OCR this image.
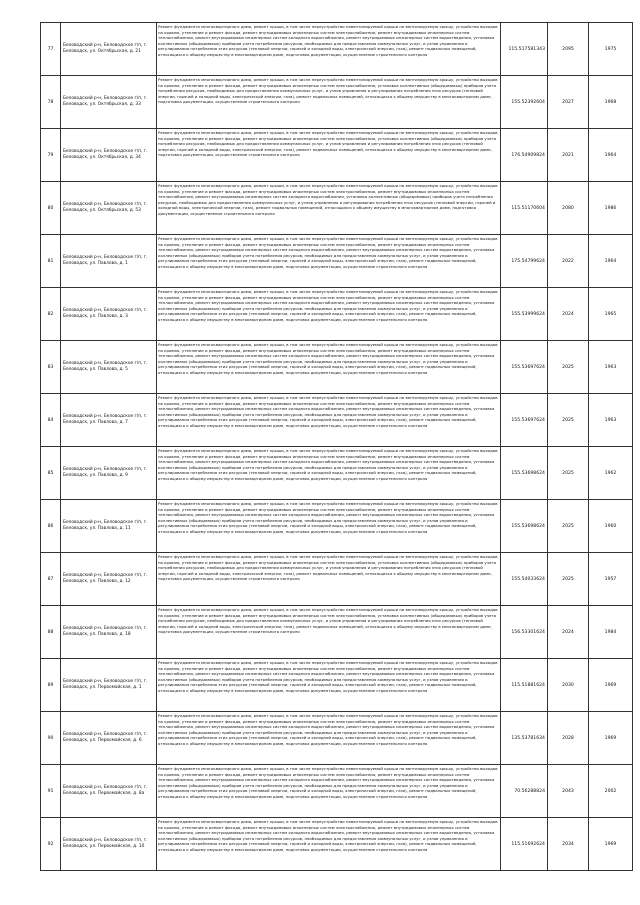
77	Беловодский р-н, Беловодское г/п, г. Беловодск, ул. Октябрьская, д. 21	Ремонт фундамента многоквартирного дома, ремонт крыши, в том числе переустройство невентилируемой крыши на вентилируемую крышу, устройство выходов на кровлю, утепление и ремонт фасада, ремонт внутридомовых инженерных систем электроснабжения, ремонт внутридомовых инженерных систем теплоснабжения, ремонт внутридомовых инженерных систем холодного водоснабжения, ремонт внутридомовых инженерных систем водоотведения, установка коллективных (общедомовых) приборов учета потребления ресурсов, необходимых для предоставления коммунальных услуг, и узлов управления и регулирования потребления этих ресурсов (тепловой энергии, горячей и холодной воды, электрической энергии, газа), ремонт подвальных помещений, относящихся к общему имуществу в многоквартирном доме, подготовка документации, осуществление строительного контроля	115.517581343	2095	1975
78	Беловодский р-н, Беловодское г/п, г. Беловодск, ул. Октябрьская, д. 33	Ремонт фундамента многоквартирного дома, ремонт крыши, в том числе переустройство невентилируемой крыши на вентилируемую крышу, устройство выходов на кровлю, утепление и ремонт фасада, ремонт внутридомовых инженерных систем электроснабжения, установка коллективных (общедомовых) приборов учета потребления ресурсов, необходимых для предоставления коммунальных услуг, и узлов управления и регулирования потребления этих ресурсов (тепловой энергии, горячей и холодной воды, электрической энергии, газа), ремонт подвальных помещений, относящихся к общему имуществу в многоквартирном доме, подготовка документации, осуществление строительного контроля	155.52392604	2027	1968
79	Беловодский р-н, Беловодское г/п, г. Беловодск, ул. Октябрьская, д. 34	Ремонт фундамента многоквартирного дома, ремонт крыши, в том числе переустройство невентилируемой крыши на вентилируемую крышу, устройство выходов на кровлю, утепление и ремонт фасада, ремонт внутридомовых инженерных систем электроснабжения, установка коллективных (общедомовых) приборов учета потребления ресурсов, необходимых для предоставления коммунальных услуг, и узлов управления и регулирования потребления этих ресурсов (тепловой энергии, горячей и холодной воды, электрической энергии, газа), ремонт подвальных помещений, относящихся к общему имуществу в многоквартирном доме, подготовка документации, осуществление строительного контроля	176.54909824	2021	1964
80	Беловодский р-н, Беловодское г/п, г. Беловодск, ул. Октябрьская, д. 53	Ремонт фундамента многоквартирного дома, ремонт крыши, в том числе переустройство невентилируемой крыши на вентилируемую крышу, устройство выходов на кровлю, утепление и ремонт фасада, ремонт внутридомовых инженерных систем электроснабжения, ремонт внутридомовых инженерных систем теплоснабжения, ремонт внутридомовых инженерных систем холодного водоснабжения, установка коллективных (общедомовых) приборов учета потребления ресурсов, необходимых для предоставления коммунальных услуг, и узлов управления и регулирования потребления этих ресурсов (тепловой энергии, горячей и холодной воды, электрической энергии, газа), ремонт подвальных помещений, относящихся к общему имуществу в многоквартирном доме, подготовка документации, осуществление строительного контроля	115.51170604	2080	1986
81	Беловодский р-н, Беловодское г/п, г. Беловодск, ул. Павлова, д. 1	Ремонт фундамента многоквартирного дома, ремонт крыши, в том числе переустройство невентилируемой крыши на вентилируемую крышу, устройство выходов на кровлю, утепление и ремонт фасада, ремонт внутридомовых инженерных систем электроснабжения, ремонт внутридомовых инженерных систем теплоснабжения, ремонт внутридомовых инженерных систем холодного водоснабжения, ремонт внутридомовых инженерных систем водоотведения, установка коллективных (общедомовых) приборов учета потребления ресурсов, необходимых для предоставления коммунальных услуг, и узлов управления и регулирования потребления этих ресурсов (тепловой энергии, горячей и холодной воды, электрической энергии, газа), ремонт подвальных помещений, относящихся к общему имуществу в многоквартирном доме, подготовка документации, осуществление строительного контроля	175.54799624	2022	1964
82	Беловодский р-н, Беловодское г/п, г. Беловодск, ул. Павлова, д. 3	Ремонт фундамента многоквартирного дома, ремонт крыши, в том числе переустройство невентилируемой крыши на вентилируемую крышу, устройство выходов на кровлю, утепление и ремонт фасада, ремонт внутридомовых инженерных систем электроснабжения, ремонт внутридомовых инженерных систем теплоснабжения, ремонт внутридомовых инженерных систем холодного водоснабжения, ремонт внутридомовых инженерных систем водоотведения, установка коллективных (общедомовых) приборов учета потребления ресурсов, необходимых для предоставления коммунальных услуг, и узлов управления и регулирования потребления этих ресурсов (тепловой энергии, горячей и холодной воды, электрической энергии, газа), ремонт подвальных помещений, относящихся к общему имуществу в многоквартирном доме, подготовка документации, осуществление строительного контроля	155.53999624	2024	1965
83	Беловодский р-н, Беловодское г/п, г. Беловодск, ул. Павлова, д. 5	Ремонт фундамента многоквартирного дома, ремонт крыши, в том числе переустройство невентилируемой крыши на вентилируемую крышу, устройство выходов на кровлю, утепление и ремонт фасада, ремонт внутридомовых инженерных систем электроснабжения, ремонт внутридомовых инженерных систем теплоснабжения, ремонт внутридомовых инженерных систем холодного водоснабжения, ремонт внутридомовых инженерных систем водоотведения, установка коллективных (общедомовых) приборов учета потребления ресурсов, необходимых для предоставления коммунальных услуг, и узлов управления и регулирования потребления этих ресурсов (тепловой энергии, горячей и холодной воды, электрической энергии, газа), ремонт подвальных помещений, относящихся к общему имуществу в многоквартирном доме, подготовка документации, осуществление строительного контроля	155.53697624	2025	1963
84	Беловодский р-н, Беловодское г/п, г. Беловодск, ул. Павлова, д. 7	Ремонт фундамента многоквартирного дома, ремонт крыши, в том числе переустройство невентилируемой крыши на вентилируемую крышу, устройство выходов на кровлю, утепление и ремонт фасада, ремонт внутридомовых инженерных систем электроснабжения, ремонт внутридомовых инженерных систем теплоснабжения, ремонт внутридомовых инженерных систем холодного водоснабжения, ремонт внутридомовых инженерных систем водоотведения, установка коллективных (общедомовых) приборов учета потребления ресурсов, необходимых для предоставления коммунальных услуг, и узлов управления и регулирования потребления этих ресурсов (тепловой энергии, горячей и холодной воды, электрической энергии, газа), ремонт подвальных помещений, относящихся к общему имуществу в многоквартирном доме, подготовка документации, осуществление строительного контроля	155.53697624	2025	1963
85	Беловодский р-н, Беловодское г/п, г. Беловодск, ул. Павлова, д. 9	Ремонт фундамента многоквартирного дома, ремонт крыши, в том числе переустройство невентилируемой крыши на вентилируемую крышу, устройство выходов на кровлю, утепление и ремонт фасада, ремонт внутридомовых инженерных систем электроснабжения, ремонт внутридомовых инженерных систем теплоснабжения, ремонт внутридомовых инженерных систем холодного водоснабжения, ремонт внутридомовых инженерных систем водоотведения, установка коллективных (общедомовых) приборов учета потребления ресурсов, необходимых для предоставления коммунальных услуг, и узлов управления и регулирования потребления этих ресурсов (тепловой энергии, горячей и холодной воды, электрической энергии, газа), ремонт подвальных помещений, относящихся к общему имуществу в многоквартирном доме, подготовка документации, осуществление строительного контроля	155.53698624	2025	1962
86	Беловодский р-н, Беловодское г/п, г. Беловодск, ул. Павлова, д. 11	Ремонт фундамента многоквартирного дома, ремонт крыши, в том числе переустройство невентилируемой крыши на вентилируемую крышу, устройство выходов на кровлю, утепление и ремонт фасада, ремонт внутридомовых инженерных систем электроснабжения, ремонт внутридомовых инженерных систем теплоснабжения, ремонт внутридомовых инженерных систем холодного водоснабжения, ремонт внутридомовых инженерных систем водоотведения, установка коллективных (общедомовых) приборов учета потребления ресурсов, необходимых для предоставления коммунальных услуг, и узлов управления и регулирования потребления этих ресурсов (тепловой энергии, горячей и холодной воды, электрической энергии, газа), ремонт подвальных помещений, относящихся к общему имуществу в многоквартирном доме, подготовка документации, осуществление строительного контроля	155.53698624	2025	1960
87	Беловодский р-н, Беловодское г/п, г. Беловодск, ул. Павлова, д. 12	Ремонт фундамента многоквартирного дома, ремонт крыши, в том числе переустройство невентилируемой крыши на вентилируемую крышу, устройство выходов на кровлю, утепление и ремонт фасада, ремонт внутридомовых инженерных систем электроснабжения, установка коллективных (общедомовых) приборов учета потребления ресурсов, необходимых для предоставления коммунальных услуг, и узлов управления и регулирования потребления этих ресурсов (тепловой энергии, горячей и холодной воды, электрической энергии, газа), ремонт подвальных помещений, относящихся к общему имуществу в многоквартирном доме, подготовка документации, осуществление строительного контроля	155.54033624	2025	1957
88	Беловодский р-н, Беловодское г/п, г. Беловодск, ул. Павлова, д. 18	Ремонт фундамента многоквартирного дома, ремонт крыши, в том числе переустройство невентилируемой крыши на вентилируемую крышу, устройство выходов на кровлю, утепление и ремонт фасада, ремонт внутридомовых инженерных систем электроснабжения, установка коллективных (общедомовых) приборов учета потребления ресурсов, необходимых для предоставления коммунальных услуг, и узлов управления и регулирования потребления этих ресурсов (тепловой энергии, горячей и холодной воды, электрической энергии, газа), ремонт подвальных помещений, относящихся к общему имуществу в многоквартирном доме, подготовка документации, осуществление строительного контроля	156.53301624	2024	1984
89	Беловодский р-н, Беловодское г/п, г. Беловодск, ул. Первомайская, д. 1	Ремонт фундамента многоквартирного дома, ремонт крыши, в том числе переустройство невентилируемой крыши на вентилируемую крышу, устройство выходов на кровлю, утепление и ремонт фасада, ремонт внутридомовых инженерных систем электроснабжения, ремонт внутридомовых инженерных систем теплоснабжения, ремонт внутридомовых инженерных систем холодного водоснабжения, ремонт внутридомовых инженерных систем водоотведения, установка коллективных (общедомовых) приборов учета потребления ресурсов, необходимых для предоставления коммунальных услуг, и узлов управления и регулирования потребления этих ресурсов (тепловой энергии, горячей и холодной воды, электрической энергии, газа), ремонт подвальных помещений, относящихся к общему имуществу в многоквартирном доме, подготовка документации, осуществление строительного контроля	115.51881624	2030	1969
90	Беловодский р-н, Беловодское г/п, г. Беловодск, ул. Первомайская, д. 6	Ремонт фундамента многоквартирного дома, ремонт крыши, в том числе переустройство невентилируемой крыши на вентилируемую крышу, устройство выходов на кровлю, утепление и ремонт фасада, ремонт внутридомовых инженерных систем электроснабжения, ремонт внутридомовых инженерных систем теплоснабжения, ремонт внутридомовых инженерных систем холодного водоснабжения, ремонт внутридомовых инженерных систем водоотведения, установка коллективных (общедомовых) приборов учета потребления ресурсов, необходимых для предоставления коммунальных услуг, и узлов управления и регулирования потребления этих ресурсов (тепловой энергии, горячей и холодной воды, электрической энергии, газа), ремонт подвальных помещений, относящихся к общему имуществу в многоквартирном доме, подготовка документации, осуществление строительного контроля	135.53781634	2028	1969
91	Беловодский р-н, Беловодское г/п, г. Беловодск, ул. Первомайская, д. 8а	Ремонт фундамента многоквартирного дома, ремонт крыши, в том числе переустройство невентилируемой крыши на вентилируемую крышу, устройство выходов на кровлю, утепление и ремонт фасада, ремонт внутридомовых инженерных систем электроснабжения, ремонт внутридомовых инженерных систем теплоснабжения, ремонт внутридомовых инженерных систем холодного водоснабжения, ремонт внутридомовых инженерных систем водоотведения, установка коллективных (общедомовых) приборов учета потребления ресурсов, необходимых для предоставления коммунальных услуг, и узлов управления и регулирования потребления этих ресурсов (тепловой энергии, горячей и холодной воды, электрической энергии, газа), ремонт подвальных помещений, относящихся к общему имуществу в многоквартирном доме, подготовка документации, осуществление строительного контроля	70.56288824	2043	2002
92	Беловодский р-н, Беловодское г/п, г. Беловодск, ул. Первомайская, д. 10	Ремонт фундамента многоквартирного дома, ремонт крыши, в том числе переустройство невентилируемой крыши на вентилируемую крышу, устройство выходов на кровлю, утепление и ремонт фасада, ремонт внутридомовых инженерных систем электроснабжения, ремонт внутридомовых инженерных систем теплоснабжения, ремонт внутридомовых инженерных систем холодного водоснабжения, ремонт внутридомовых инженерных систем водоотведения, установка коллективных (общедомовых) приборов учета потребления ресурсов, необходимых для предоставления коммунальных услуг, и узлов управления и регулирования потребления этих ресурсов (тепловой энергии, горячей и холодной воды, электрической энергии, газа), ремонт подвальных помещений, относящихся к общему имуществу в многоквартирном доме, подготовка документации, осуществление строительного контроля	115.51692624	2034	1969
